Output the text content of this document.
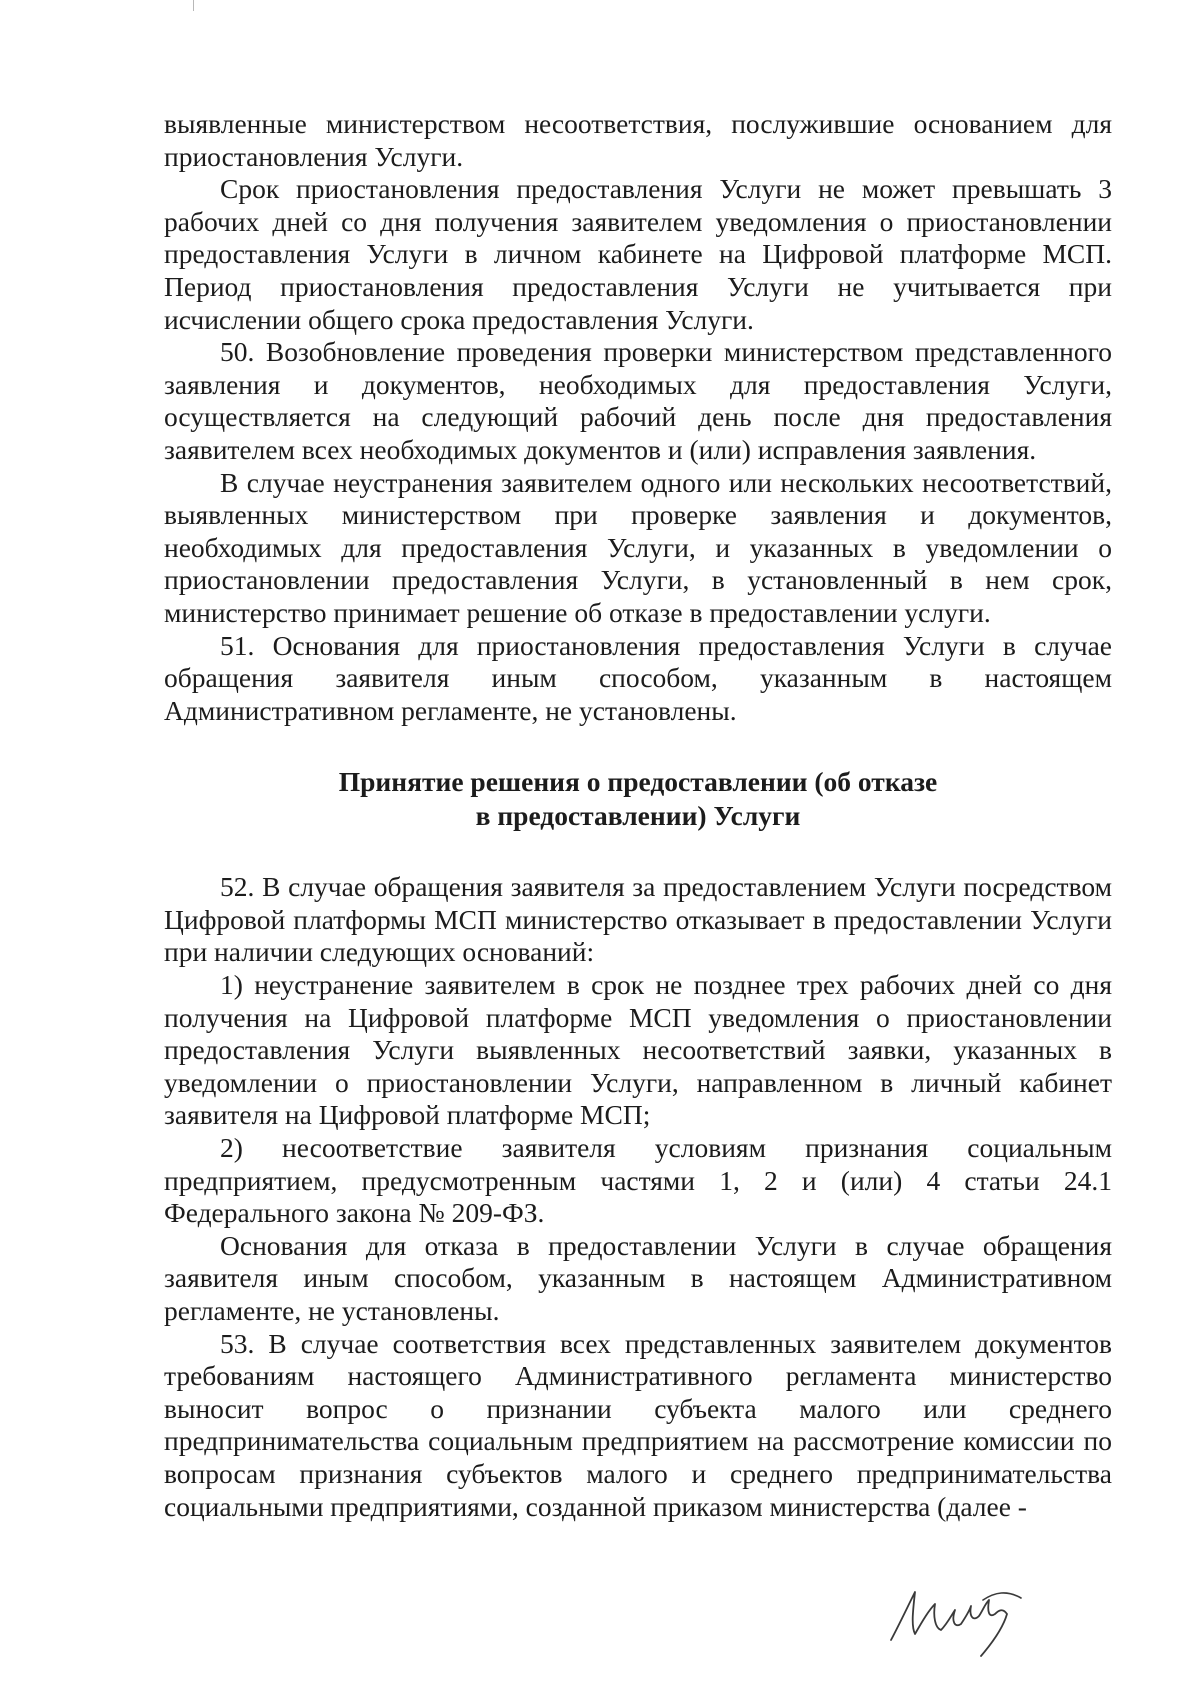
выявленные министерством несоответствия, послужившие основанием для приостановления Услуги.

Срок приостановления предоставления Услуги не может превышать 3 рабочих дней со дня получения заявителем уведомления о приостановлении предоставления Услуги в личном кабинете на Цифровой платформе МСП. Период приостановления предоставления Услуги не учитывается при исчислении общего срока предоставления Услуги.

50. Возобновление проведения проверки министерством представленного заявления и документов, необходимых для предоставления Услуги, осуществляется на следующий рабочий день после дня предоставления заявителем всех необходимых документов и (или) исправления заявления.

В случае неустранения заявителем одного или нескольких несоответствий, выявленных министерством при проверке заявления и документов, необходимых для предоставления Услуги, и указанных в уведомлении о приостановлении предоставления Услуги, в установленный в нем срок, министерство принимает решение об отказе в предоставлении услуги.

51. Основания для приостановления предоставления Услуги в случае обращения заявителя иным способом, указанным в настоящем Административном регламенте, не установлены.

Принятие решения о предоставлении (об отказе
в предоставлении) Услуги

52. В случае обращения заявителя за предоставлением Услуги посредством Цифровой платформы МСП министерство отказывает в предоставлении Услуги при наличии следующих оснований:

1) неустранение заявителем в срок не позднее трех рабочих дней со дня получения на Цифровой платформе МСП уведомления о приостановлении предоставления Услуги выявленных несоответствий заявки, указанных в уведомлении о приостановлении Услуги, направленном в личный кабинет заявителя на Цифровой платформе МСП;

2) несоответствие заявителя условиям признания социальным предприятием, предусмотренным частями 1, 2 и (или) 4 статьи 24.1 Федерального закона № 209-ФЗ.

Основания для отказа в предоставлении Услуги в случае обращения заявителя иным способом, указанным в настоящем Административном регламенте, не установлены.

53. В случае соответствия всех представленных заявителем документов требованиям настоящего Административного регламента министерство выносит вопрос о признании субъекта малого или среднего предпринимательства социальным предприятием на рассмотрение комиссии по вопросам признания субъектов малого и среднего предпринимательства социальными предприятиями, созданной приказом министерства (далее -
